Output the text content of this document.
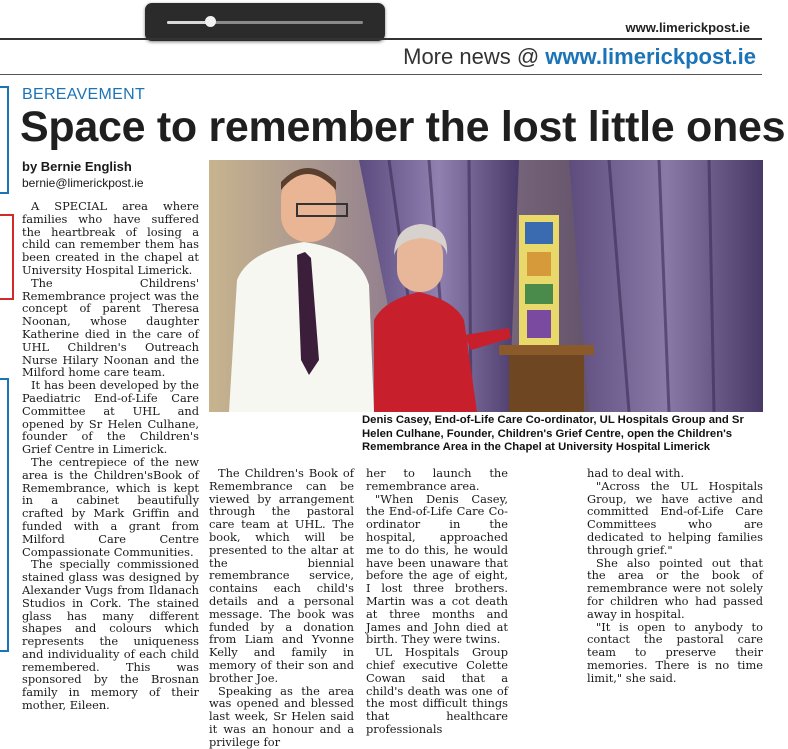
www.limerickpost.ie
More news @ www.limerickpost.ie
BEREAVEMENT
Space to remember the lost little ones
by Bernie English
bernie@limerickpost.ie

A SPECIAL area where families who have suffered the heartbreak of losing a child can remember them has been created in the chapel at University Hospital Limerick.

The Childrens' Remembrance project was the concept of parent Theresa Noonan, whose daughter Katherine died in the care of UHL Children's Outreach Nurse Hilary Noonan and the Milford home care team.

It has been developed by the Paediatric End-of-Life Care Committee at UHL and opened by Sr Helen Culhane, founder of the Children's Grief Centre in Limerick.

The centrepiece of the new area is the Children'sBook of Remembrance, which is kept in a cabinet beautifully crafted by Mark Griffin and funded with a grant from Milford Care Centre Compassionate Communities.

The specially commissioned stained glass was designed by Alexander Vugs from Ildanach Studios in Cork. The stained glass has many different shapes and colours which represents the uniqueness and individuality of each child remembered. This was sponsored by the Brosnan family in memory of their mother, Eileen.

Denis Casey, End-of-Life Care Co-ordinator, UL Hospitals Group and Sr Helen Culhane, Founder, Children's Grief Centre, open the Children's Remembrance Area in the Chapel at University Hospital Limerick

The Children's Book of Remembrance can be viewed by arrangement through the pastoral care team at UHL. The book, which will be presented to the altar at the biennial remembrance service, contains each child's details and a personal message. The book was funded by a donation from Liam and Yvonne Kelly and family in memory of their son and brother Joe.

Speaking as the area was opened and blessed last week, Sr Helen said it was an honour and a privilege for

her to launch the remembrance area.

"When Denis Casey, the End-of-Life Care Co-ordinator in the hospital, approached me to do this, he would have been unaware that before the age of eight, I lost three brothers. Martin was a cot death at three months and James and John died at birth. They were twins.

UL Hospitals Group chief executive Colette Cowan said that a child's death was one of the most difficult things that healthcare professionals

had to deal with.

"Across the UL Hospitals Group, we have active and committed End-of-Life Care Committees who are dedicated to helping families through grief."

She also pointed out that the area or the book of remembrance were not solely for children who had passed away in hospital.

"It is open to anybody to contact the pastoral care team to preserve their memories. There is no time limit," she said.
